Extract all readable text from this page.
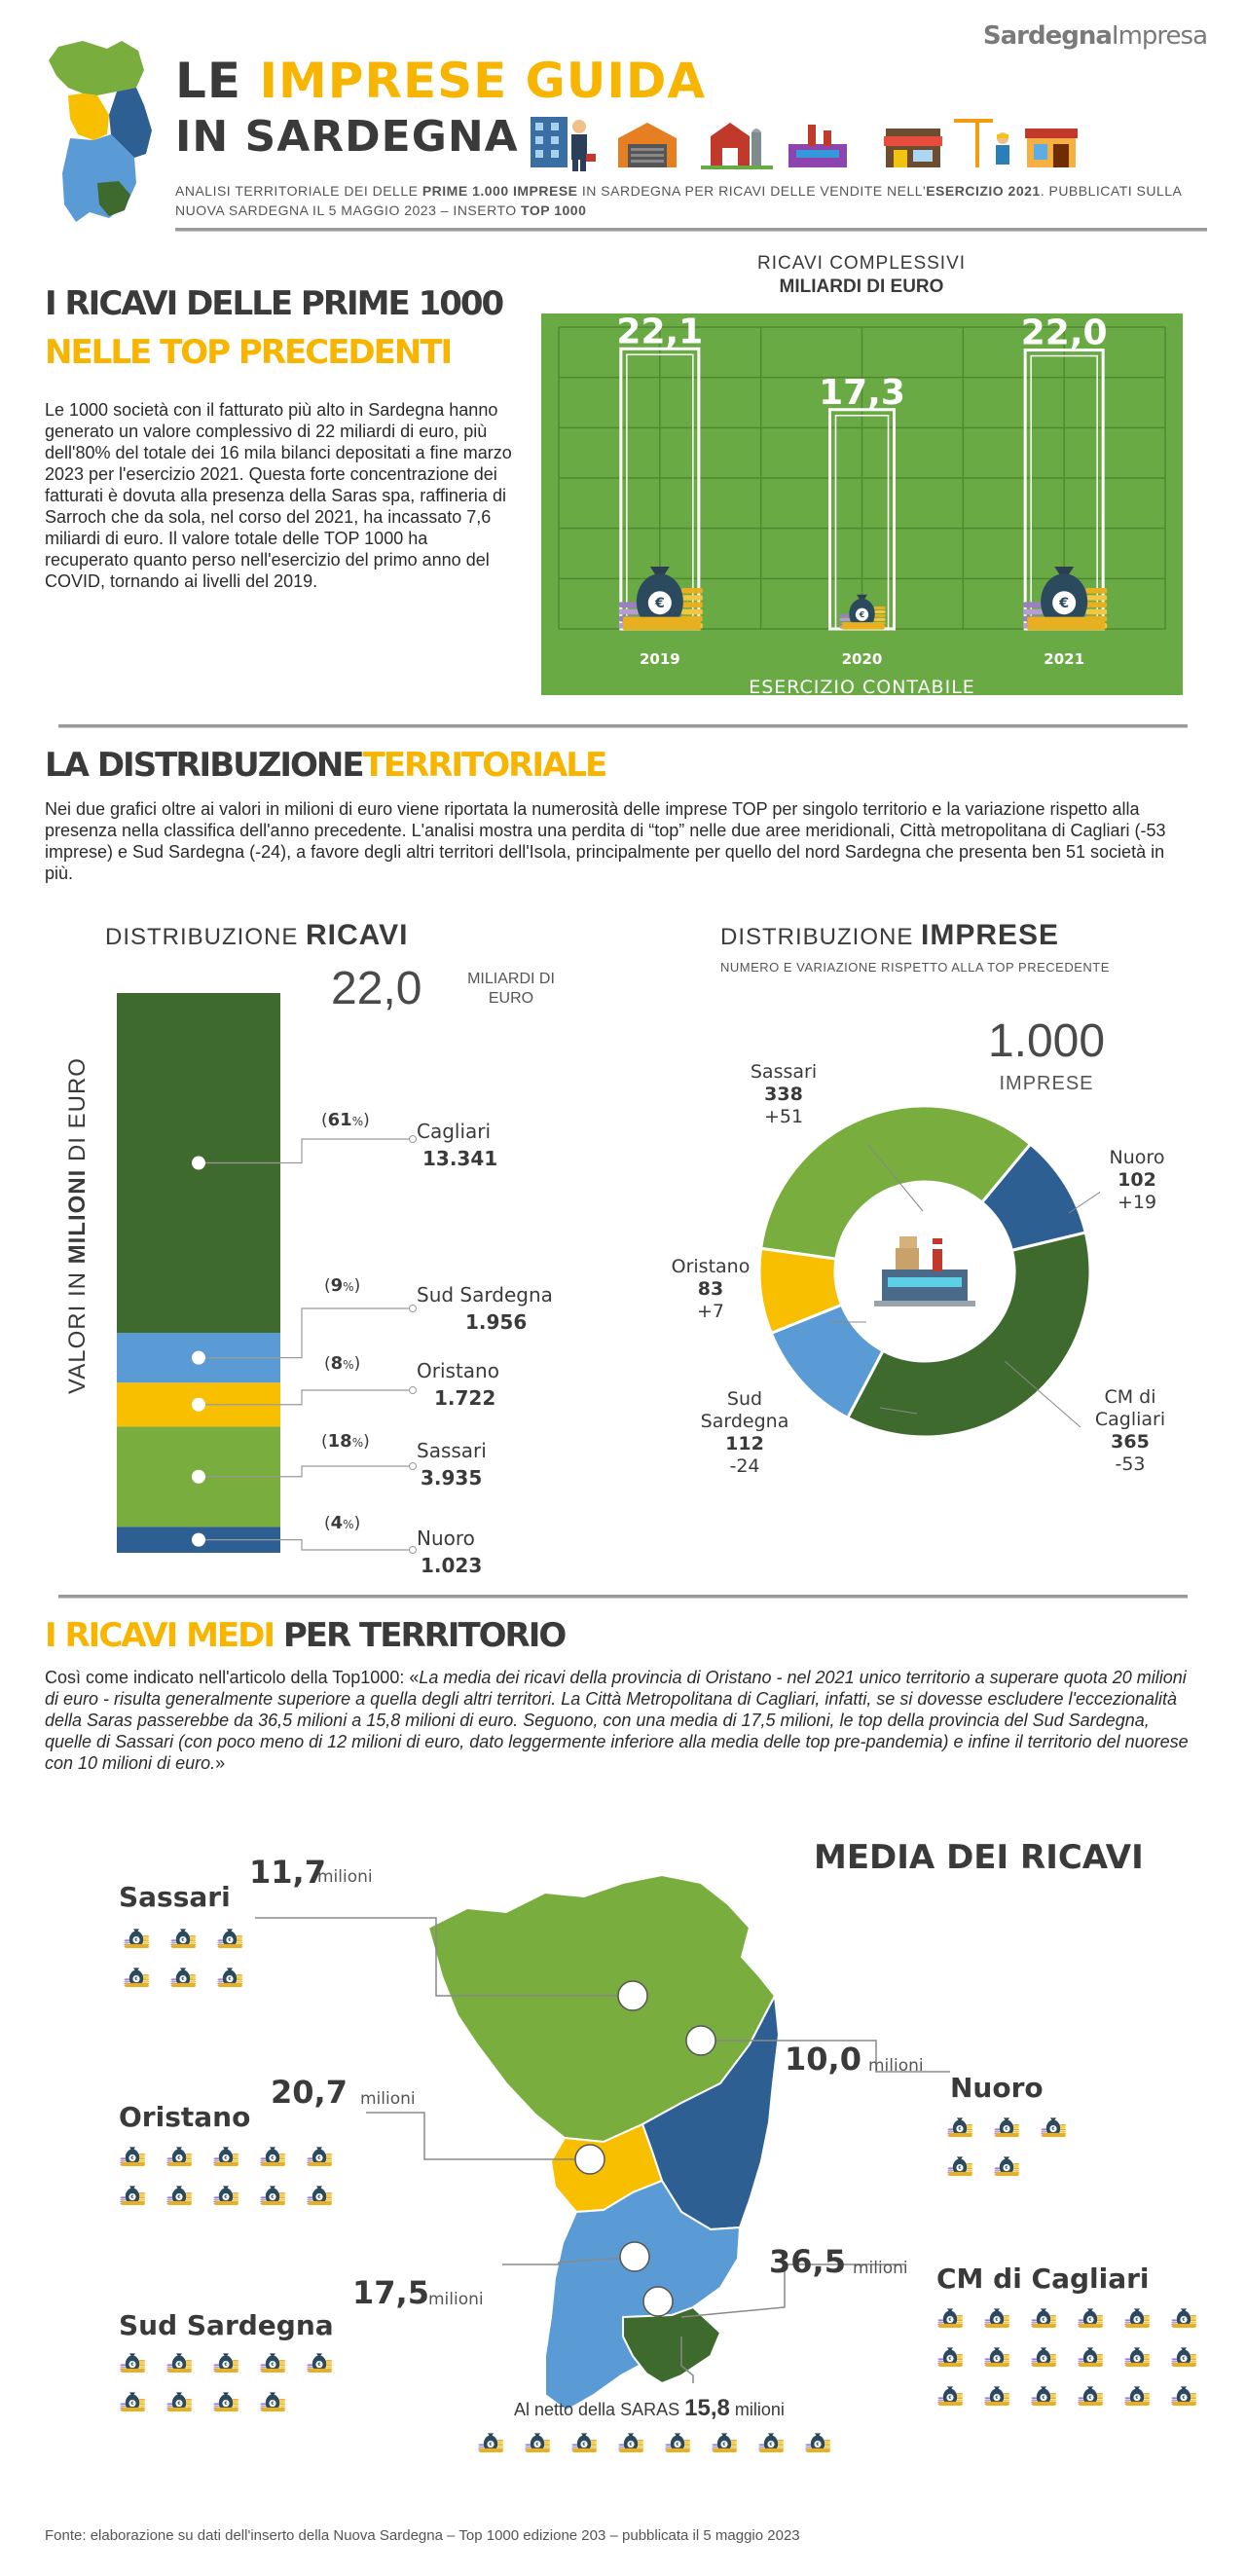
SardegnaImpresa
LE IMPRESE GUIDA
IN SARDEGNA
ANALISI TERRITORIALE DEI DELLE PRIME 1.000 IMPRESE IN SARDEGNA PER RICAVI DELLE VENDITE NELL'ESERCIZIO 2021. PUBBLICATI SULLA NUOVA SARDEGNA IL 5 MAGGIO 2023 – INSERTO TOP 1000
I RICAVI DELLE PRIME 1000
NELLE TOP PRECEDENTI
Le 1000 società con il fatturato più alto in Sardegna hanno generato un valore complessivo di 22 miliardi di euro, più dell'80% del totale dei 16 mila bilanci depositati a fine marzo 2023 per l'esercizio 2021. Questa forte concentrazione dei fatturati è dovuta alla presenza della Saras spa, raffineria di Sarroch che da sola, nel corso del 2021, ha incassato 7,6 miliardi di euro. Il valore totale delle TOP 1000 ha recuperato quanto perso nell'esercizio del primo anno del COVID, tornando ai livelli del 2019.
RICAVI COMPLESSIVI
MILIARDI DI EURO
22,1
€
2019
17,3
€
2020
22,0
€
2021
ESERCIZIO CONTABILE
LA DISTRIBUZIONETERRITORIALE
Nei due grafici oltre ai valori in milioni di euro viene riportata la numerosità delle imprese TOP per singolo territorio e la variazione rispetto alla presenza nella classifica dell'anno precedente. L'analisi mostra una perdita di “top” nelle due aree meridionali, Città metropolitana di Cagliari (-53 imprese) e Sud Sardegna (-24), a favore degli altri territori dell'Isola, principalmente per quello del nord Sardegna che presenta ben 51 società in più.
DISTRIBUZIONE RICAVI
22,0	MILIARDI DI EURO
VALORI IN MILIONI DI EURO	(61%) Cagliari
13.341
(9%)	Sud Sardegna
1.956
(8%)	Oristano
1.722
(18%) Sassari
3.935
(4%)
Nuoro
1.023
DISTRIBUZIONE IMPRESE
NUMERO E VARIAZIONE RISPETTO ALLA TOP PRECEDENTE
1.000
IMPRESE
Sassari
338
+51
Nuoro
102
+19
Oristano
83
+7
Sud
Sardegna
112
-24
CM di
Cagliari
365
-53
I RICAVI MEDI PER TERRITORIO
Così come indicato nell'articolo della Top1000: «La media dei ricavi della provincia di Oristano - nel 2021 unico territorio a superare quota 20 milioni di euro - risulta generalmente superiore a quella degli altri territori. La Città Metropolitana di Cagliari, infatti, se si dovesse escludere l'eccezionalità della Saras passerebbe da 36,5 milioni a 15,8 milioni di euro. Seguono, con una media di 17,5 milioni, le top della provincia del Sud Sardegna, quelle di Sassari (con poco meno di 12 milioni di euro, dato leggermente inferiore alla media delle top pre-pandemia) e infine il territorio del nuorese con 10 milioni di euro.»
MEDIA DEI RICAVI
11,7
milioni
Sassari
€	€	€
€	€	€
20,7 milioni
Oristano
€	€	€	€	€
€	€	€	€	€
17,5 milioni
Sud Sardegna
€	€	€	€	€
€	€	€	€
10,0 milioni
Nuoro
€	€	€
€	€
36,5 milioni CM di Cagliari
€	€	€	€	€	€
€	€	€	€	€	€
€	€	€	€	€	€
Al netto della SARAS 15,8 milioni
€	€	€	€	€	€	€	€
Fonte: elaborazione su dati dell'inserto della Nuova Sardegna – Top 1000 edizione 203 – pubblicata il 5 maggio 2023
